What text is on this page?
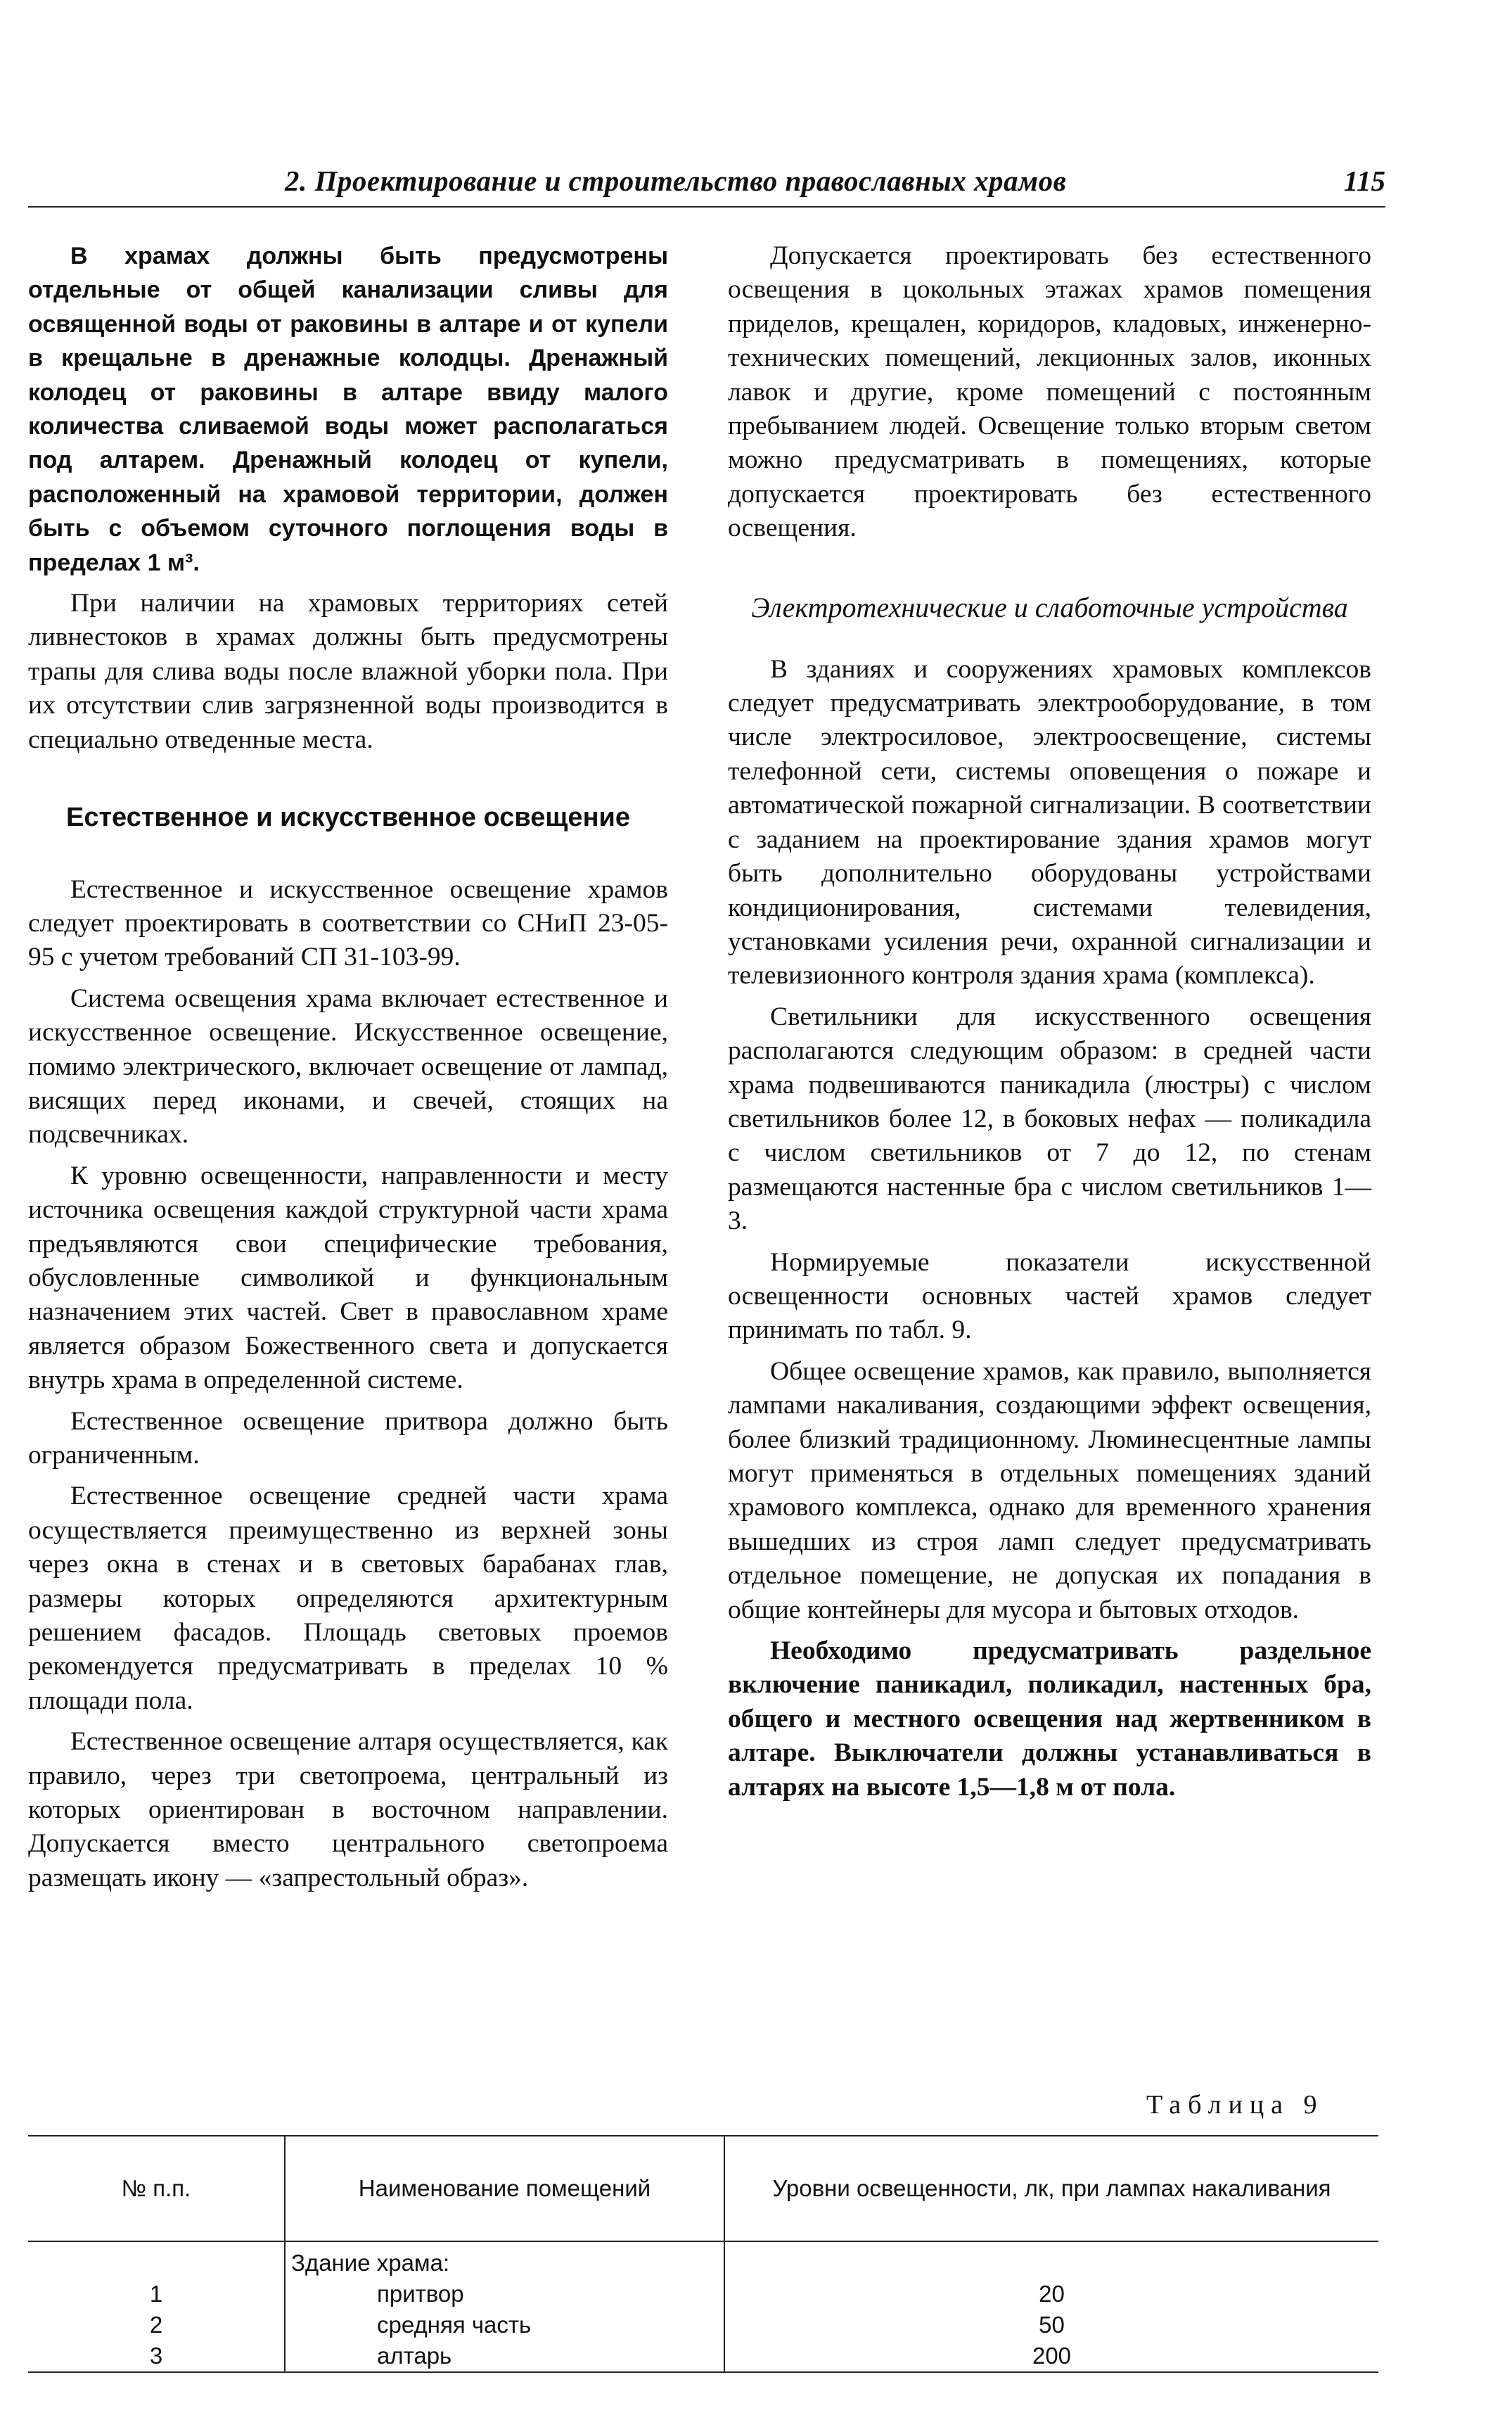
2. Проектирование и строительство православных храмов	115

В храмах должны быть предусмотрены отдельные от общей канализации сливы для освященной воды от раковины в алтаре и от купели в крещальне в дренажные колодцы. Дренажный колодец от раковины в алтаре ввиду малого количества сливаемой воды может располагаться под алтарем. Дренажный колодец от купели, расположенный на храмовой территории, должен быть с объемом суточного поглощения воды в пределах 1 м³.

При наличии на храмовых территориях сетей ливнестоков в храмах должны быть предусмотрены трапы для слива воды после влажной уборки пола. При их отсутствии слив загрязненной воды производится в специально отведенные места.

Естественное и искусственное освещение

Естественное и искусственное освещение храмов следует проектировать в соответствии со СНиП 23-05-95 с учетом требований СП 31-103-99.

Система освещения храма включает естественное и искусственное освещение. Искусственное освещение, помимо электрического, включает освещение от лампад, висящих перед иконами, и свечей, стоящих на подсвечниках.

К уровню освещенности, направленности и месту источника освещения каждой структурной части храма предъявляются свои специфические требования, обусловленные символикой и функциональным назначением этих частей. Свет в православном храме является образом Божественного света и допускается внутрь храма в определенной системе.

Естественное освещение притвора должно быть ограниченным.

Естественное освещение средней части храма осуществляется преимущественно из верхней зоны через окна в стенах и в световых барабанах глав, размеры которых определяются архитектурным решением фасадов. Площадь световых проемов рекомендуется предусматривать в пределах 10 % площади пола.

Естественное освещение алтаря осуществляется, как правило, через три светопроема, центральный из которых ориентирован в восточном направлении. Допускается вместо центрального светопроема размещать икону — «запрестольный образ».

Допускается проектировать без естественного освещения в цокольных этажах храмов помещения приделов, крещален, коридоров, кладовых, инженерно-технических помещений, лекционных залов, иконных лавок и другие, кроме помещений с постоянным пребыванием людей. Освещение только вторым светом можно предусматривать в помещениях, которые допускается проектировать без естественного освещения.

Электротехнические и слаботочные устройства

В зданиях и сооружениях храмовых комплексов следует предусматривать электрооборудование, в том числе электросиловое, электроосвещение, системы телефонной сети, системы оповещения о пожаре и автоматической пожарной сигнализации. В соответствии с заданием на проектирование здания храмов могут быть дополнительно оборудованы устройствами кондиционирования, системами телевидения, установками усиления речи, охранной сигнализации и телевизионного контроля здания храма (комплекса).

Светильники для искусственного освещения располагаются следующим образом: в средней части храма подвешиваются паникадила (люстры) с числом светильников более 12, в боковых нефах — поликадила с числом светильников от 7 до 12, по стенам размещаются настенные бра с числом светильников 1—3.

Нормируемые показатели искусственной освещенности основных частей храмов следует принимать по табл. 9.

Общее освещение храмов, как правило, выполняется лампами накаливания, создающими эффект освещения, более близкий традиционному. Люминесцентные лампы могут применяться в отдельных помещениях зданий храмового комплекса, однако для временного хранения вышедших из строя ламп следует предусматривать отдельное помещение, не допуская их попадания в общие контейнеры для мусора и бытовых отходов.

Необходимо предусматривать раздельное включение паникадил, поликадил, настенных бра, общего и местного освещения над жертвенником в алтаре. Выключатели должны устанавливаться в алтарях на высоте 1,5—1,8 м от пола.

Таблица 9
№ п.п.	Наименование помещений	Уровни освещенности, лк, при лампах накаливания
	Здание храма:	
1	притвор	20
2	средняя часть	50
3	алтарь	200
